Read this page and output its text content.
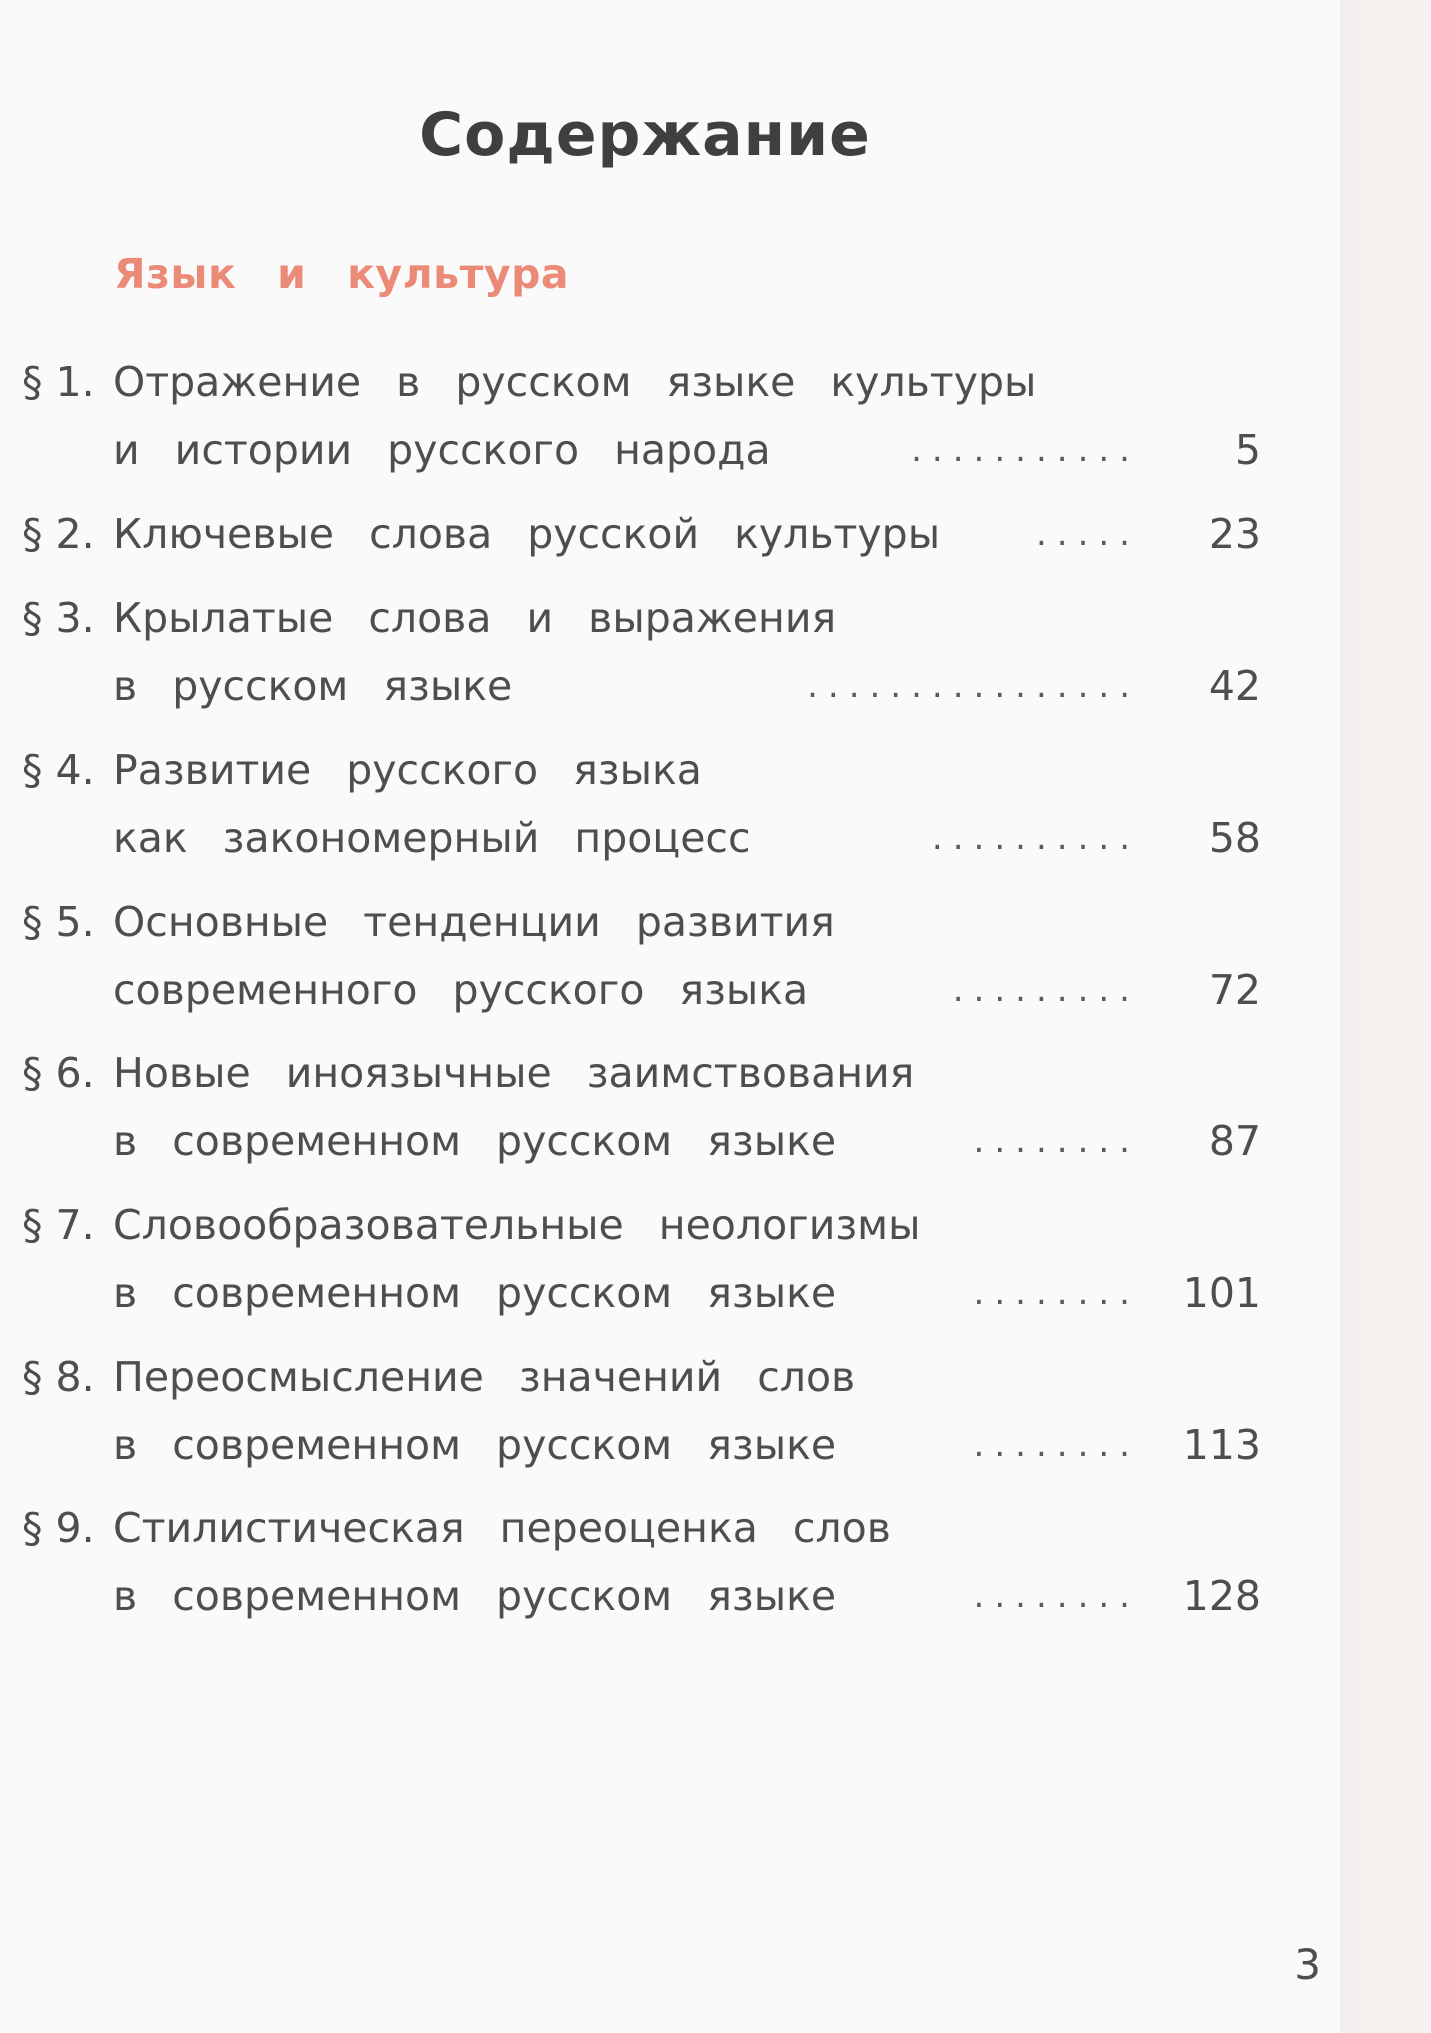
Содержание
Язык и культура
§ 1. Отражение в русском языке культуры
и истории русского народа	........... 5
§ 2. Ключевые слова русской культуры	..... 23
§ 3. Крылатые слова и выражения
в русском языке	................ 42
§ 4. Развитие русского языка
как закономерный процесс	.......... 58
§ 5. Основные тенденции развития
современного русского языка	......... 72
§ 6. Новые иноязычные заимствования
в современном русском языке	........ 87
§ 7. Словообразовательные неологизмы
в современном русском языке	........ 101
§ 8. Переосмысление значений слов
в современном русском языке	........ 113
§ 9. Стилистическая переоценка слов
в современном русском языке	........ 128
3
